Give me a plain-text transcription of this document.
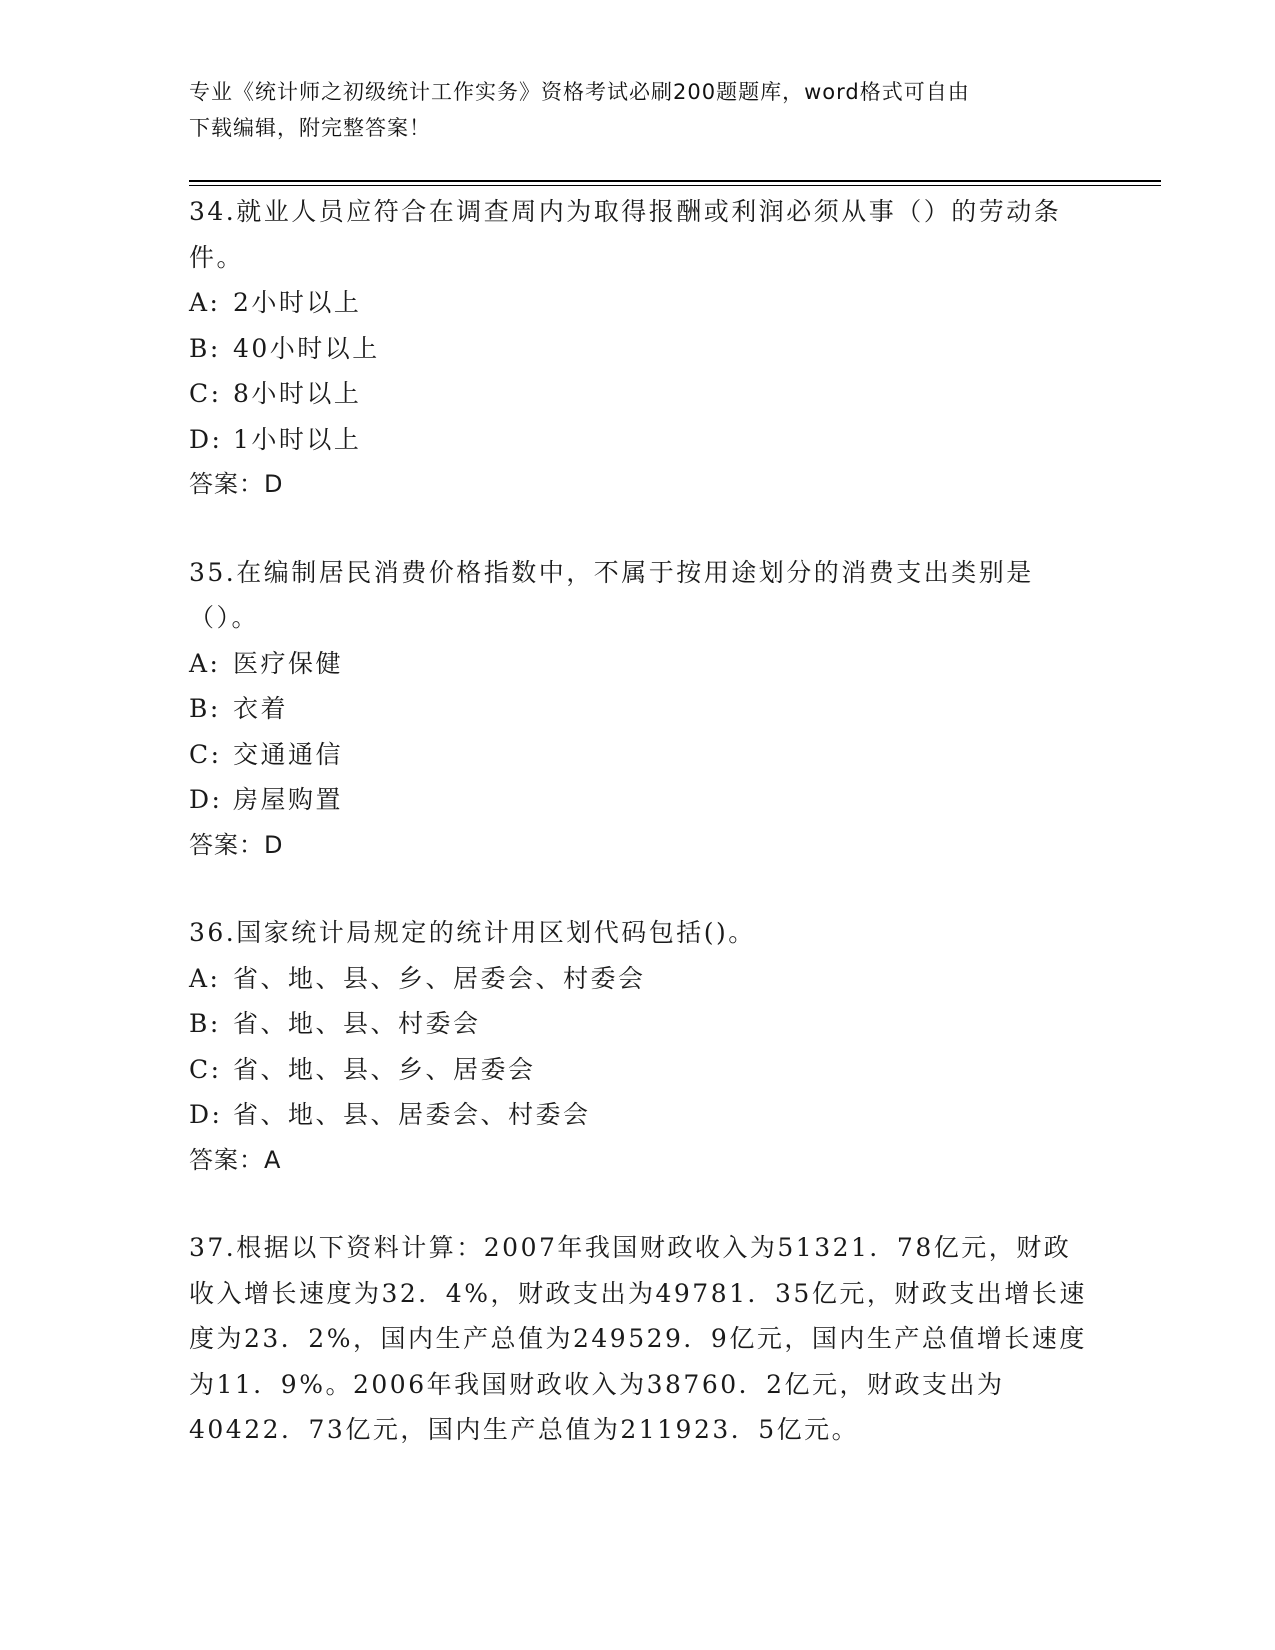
专业《统计师之初级统计工作实务》资格考试必刷200题题库，word格式可自由
下载编辑，附完整答案！

34.就业人员应符合在调查周内为取得报酬或利润必须从事（）的劳动条件。

A: 2小时以上

B: 40小时以上

C: 8小时以上

D: 1小时以上

答案：D

35.在编制居民消费价格指数中，不属于按用途划分的消费支出类别是（）。

A: 医疗保健

B: 衣着

C: 交通通信

D: 房屋购置

答案：D

36.国家统计局规定的统计用区划代码包括()。

A: 省、地、县、乡、居委会、村委会

B: 省、地、县、村委会

C: 省、地、县、乡、居委会

D: 省、地、县、居委会、村委会

答案：A

37.根据以下资料计算：2007年我国财政收入为51321．78亿元，财政收入增长速度为32．4%，财政支出为49781．35亿元，财政支出增长速度为23．2%，国内生产总值为249529．9亿元，国内生产总值增长速度为11．9%。2006年我国财政收入为38760．2亿元，财政支出为40422．73亿元，国内生产总值为211923．5亿元。
